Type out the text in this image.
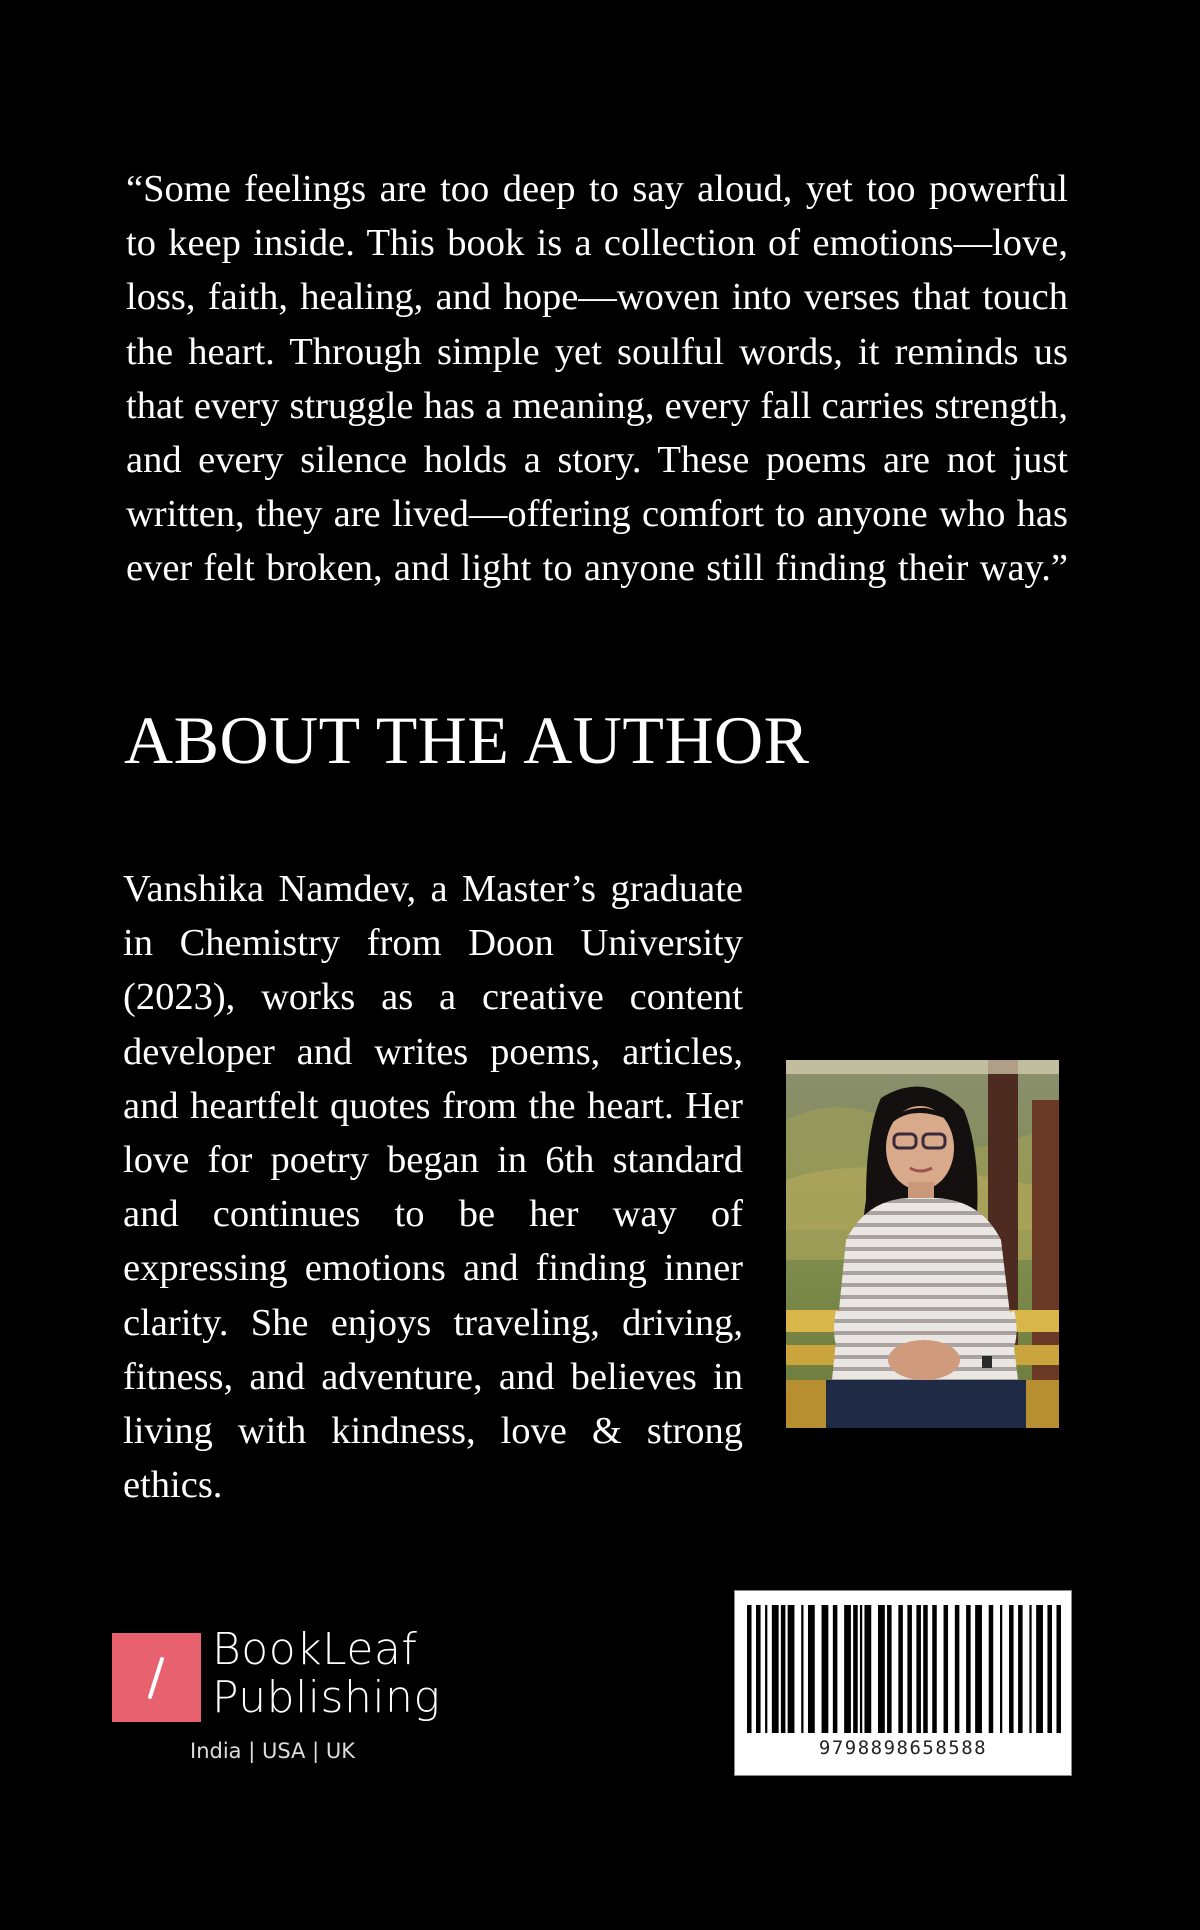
“Some feelings are too deep to say aloud, yet too powerful to keep inside. This book is a collection of emotions—love, loss, faith, healing, and hope—woven into verses that touch the heart. Through simple yet soulful words, it reminds us that every struggle has a meaning, every fall carries strength, and every silence holds a story. These poems are not just written, they are lived—offering comfort to anyone who has ever felt broken, and light to anyone still finding their way.”

ABOUT THE AUTHOR

Vanshika Namdev, a Master’s graduate in Chemistry from Doon University (2023), works as a creative content developer and writes poems, articles, and heartfelt quotes from the heart. Her love for poetry began in 6th standard and continues to be her way of expressing emotions and finding inner clarity. She enjoys traveling, driving, fitness, and adventure, and believes in living with kindness, love & strong ethics.

BookLeaf
Publishing
India | USA | UK	9798898658588
